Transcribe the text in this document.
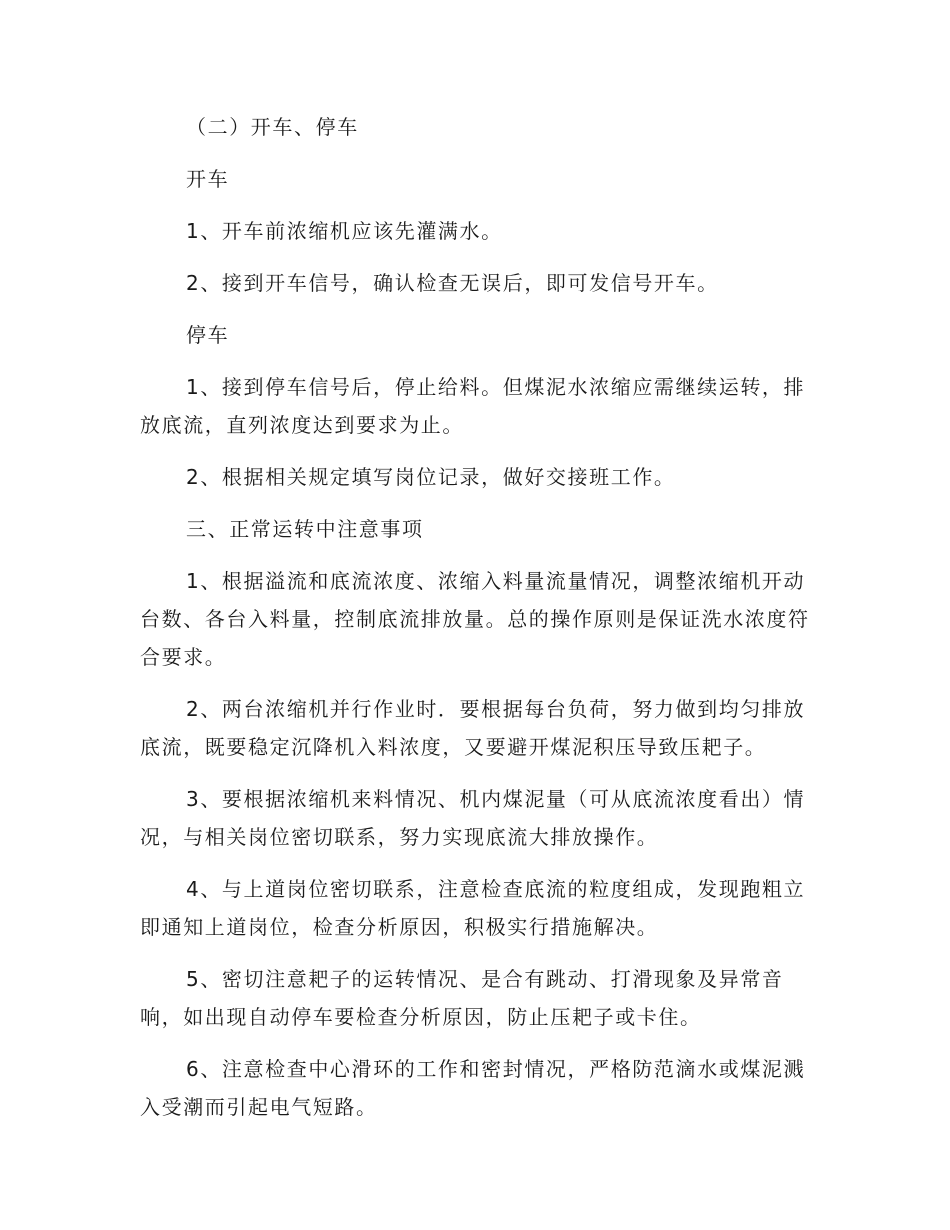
（二）开车、停车

开车

1、开车前浓缩机应该先灌满水。

2、接到开车信号，确认检查无误后，即可发信号开车。

停车

1、接到停车信号后，停止给料。但煤泥水浓缩应需继续运转，排放底流，直列浓度达到要求为止。

2、根据相关规定填写岗位记录，做好交接班工作。

三、正常运转中注意事项

1、根据溢流和底流浓度、浓缩入料量流量情况，调整浓缩机开动台数、各台入料量，控制底流排放量。总的操作原则是保证洗水浓度符合要求。

2、两台浓缩机并行作业时．要根据每台负荷，努力做到均匀排放底流，既要稳定沉降机入料浓度，又要避开煤泥积压导致压耙子。

3、要根据浓缩机来料情况、机内煤泥量（可从底流浓度看出）情况，与相关岗位密切联系，努力实现底流大排放操作。

4、与上道岗位密切联系，注意检查底流的粒度组成，发现跑粗立即通知上道岗位，检查分析原因，积极实行措施解决。

5、密切注意耙子的运转情况、是合有跳动、打滑现象及异常音响，如出现自动停车要检查分析原因，防止压耙子或卡住。

6、注意检查中心滑环的工作和密封情况，严格防范滴水或煤泥溅入受潮而引起电气短路。
